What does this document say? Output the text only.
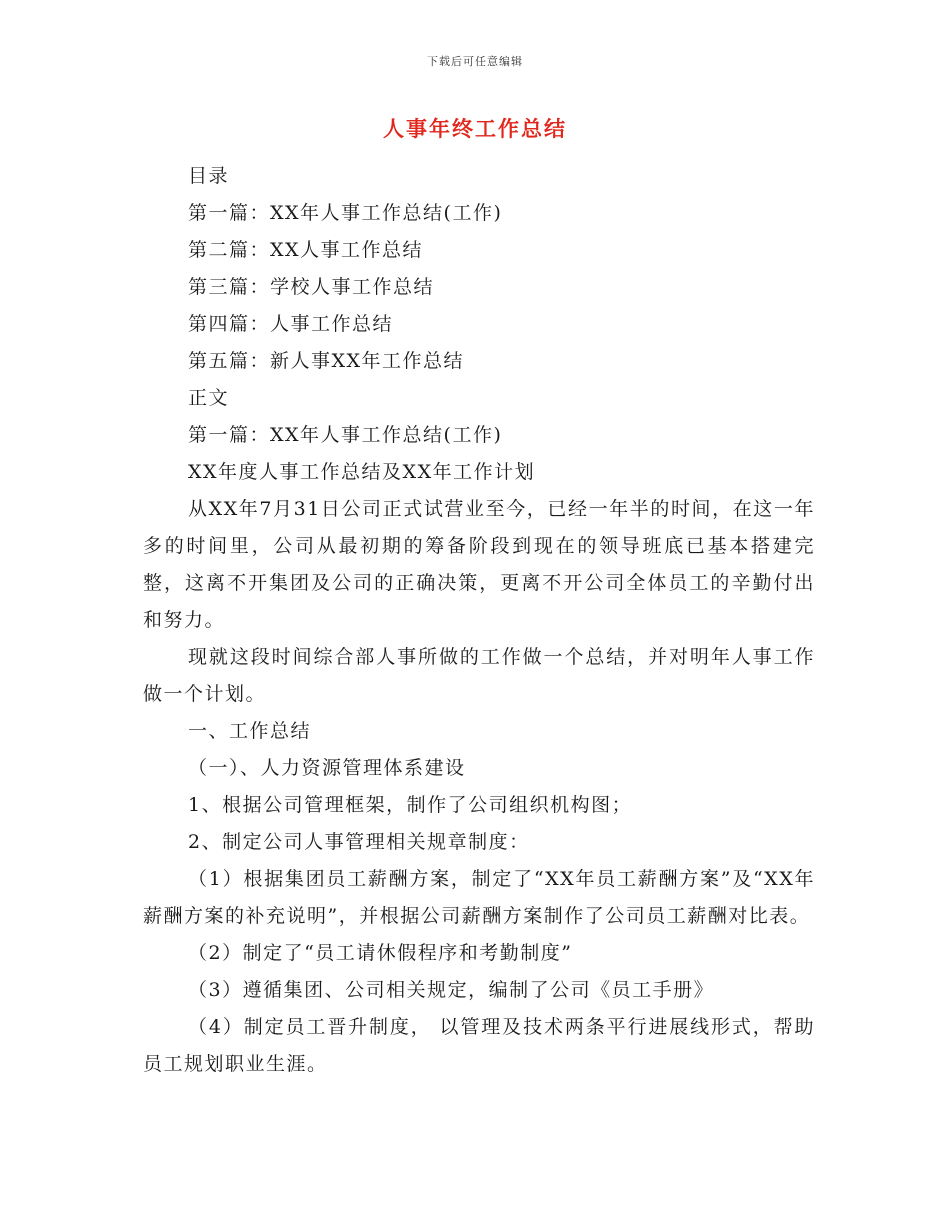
下载后可任意编辑
人事年终工作总结
目录
第一篇：XX年人事工作总结(工作)
第二篇：XX人事工作总结
第三篇：学校人事工作总结
第四篇：人事工作总结
第五篇：新人事XX年工作总结
正文
第一篇：XX年人事工作总结(工作)
XX年度人事工作总结及XX年工作计划
从XX年7月31日公司正式试营业至今，已经一年半的时间，在这一年多的时间里，公司从最初期的筹备阶段到现在的领导班底已基本搭建完整，这离不开集团及公司的正确决策，更离不开公司全体员工的辛勤付出和努力。
现就这段时间综合部人事所做的工作做一个总结，并对明年人事工作做一个计划。
一、工作总结
（一）、人力资源管理体系建设
1、根据公司管理框架，制作了公司组织机构图；
2、制定公司人事管理相关规章制度：
（1）根据集团员工薪酬方案，制定了“XX年员工薪酬方案”及“XX年薪酬方案的补充说明”，并根据公司薪酬方案制作了公司员工薪酬对比表。
（2）制定了“员工请休假程序和考勤制度”
（3）遵循集团、公司相关规定，编制了公司《员工手册》
（4）制定员工晋升制度， 以管理及技术两条平行进展线形式，帮助员工规划职业生涯。
